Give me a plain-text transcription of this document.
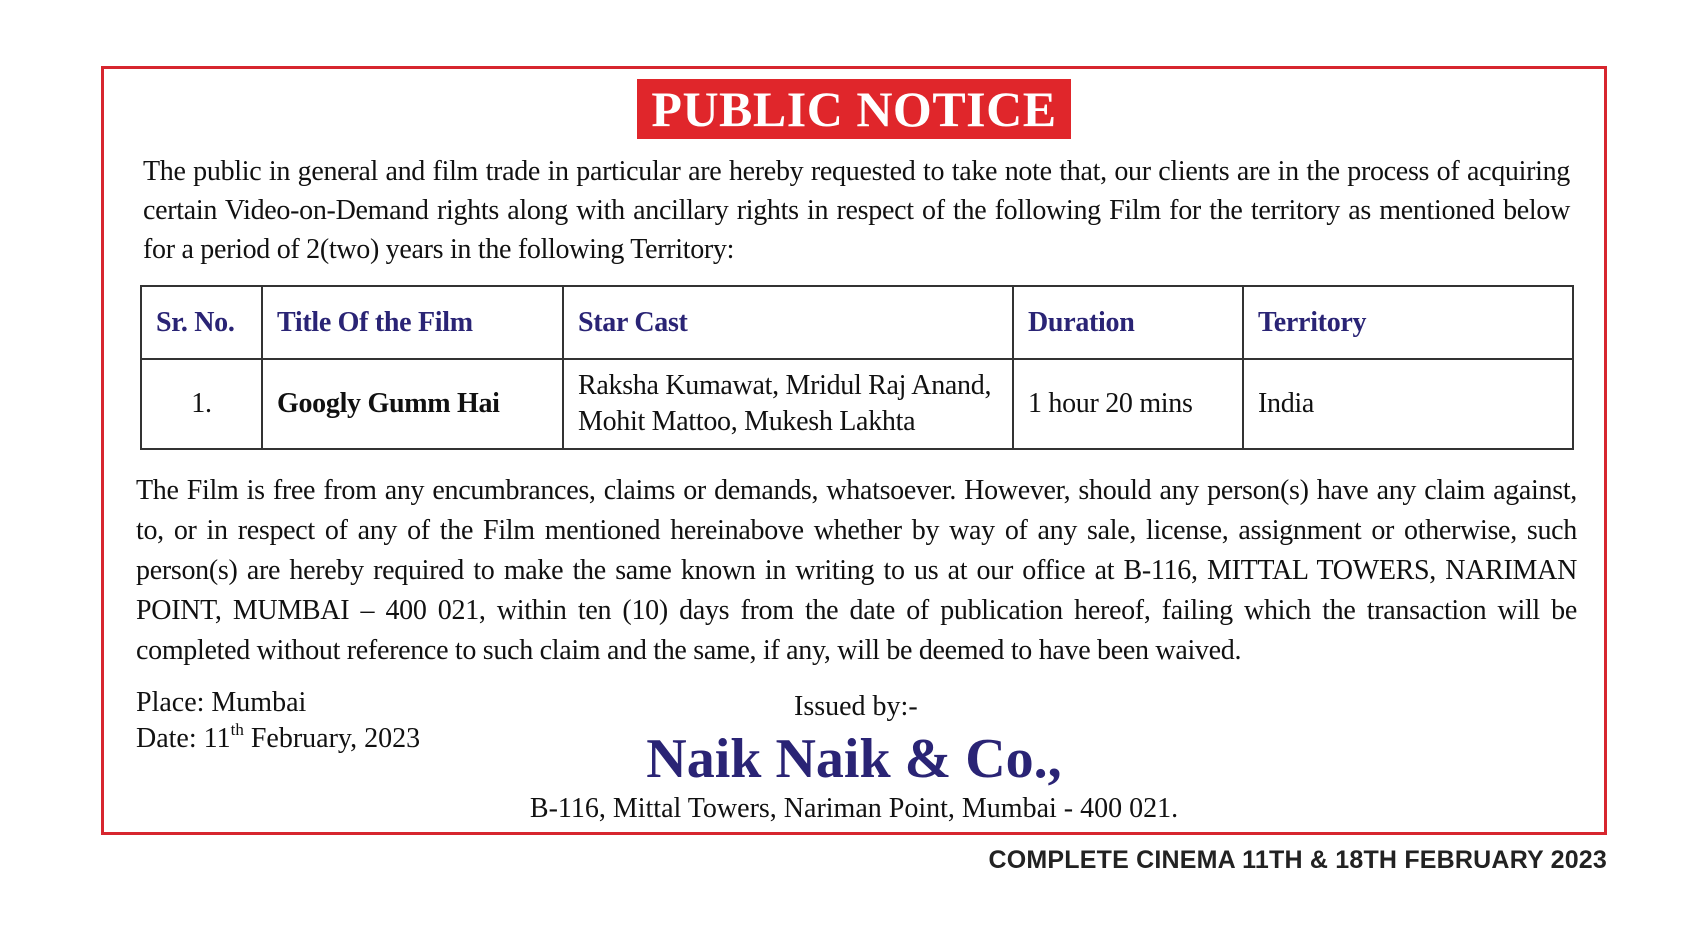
PUBLIC NOTICE
The public in general and film trade in particular are hereby requested to take note that, our clients are in the process of acquiring certain Video-on-Demand rights along with ancillary rights in respect of the following Film for the territory as mentioned below for a period of 2(two) years in the following Territory:
Sr. No.	Title Of the Film	Star Cast	Duration	Territory
1.	Googly Gumm Hai	Raksha Kumawat, Mridul Raj Anand,
Mohit Mattoo, Mukesh Lakhta	1 hour 20 mins	India
The Film is free from any encumbrances, claims or demands, whatsoever. However, should any person(s) have any claim against, to, or in respect of any of the Film mentioned hereinabove whether by way of any sale, license, assignment or otherwise, such person(s) are hereby required to make the same known in writing to us at our office at B-116, MITTAL TOWERS, NARIMAN POINT, MUMBAI – 400 021, within ten (10) days from the date of publication hereof, failing which the transaction will be completed without reference to such claim and the same, if any, will be deemed to have been waived.
Place: Mumbai
Date: 11th February, 2023
Issued by:-
Naik Naik & Co.,
B-116, Mittal Towers, Nariman Point, Mumbai - 400 021.
COMPLETE CINEMA 11TH & 18TH FEBRUARY 2023
